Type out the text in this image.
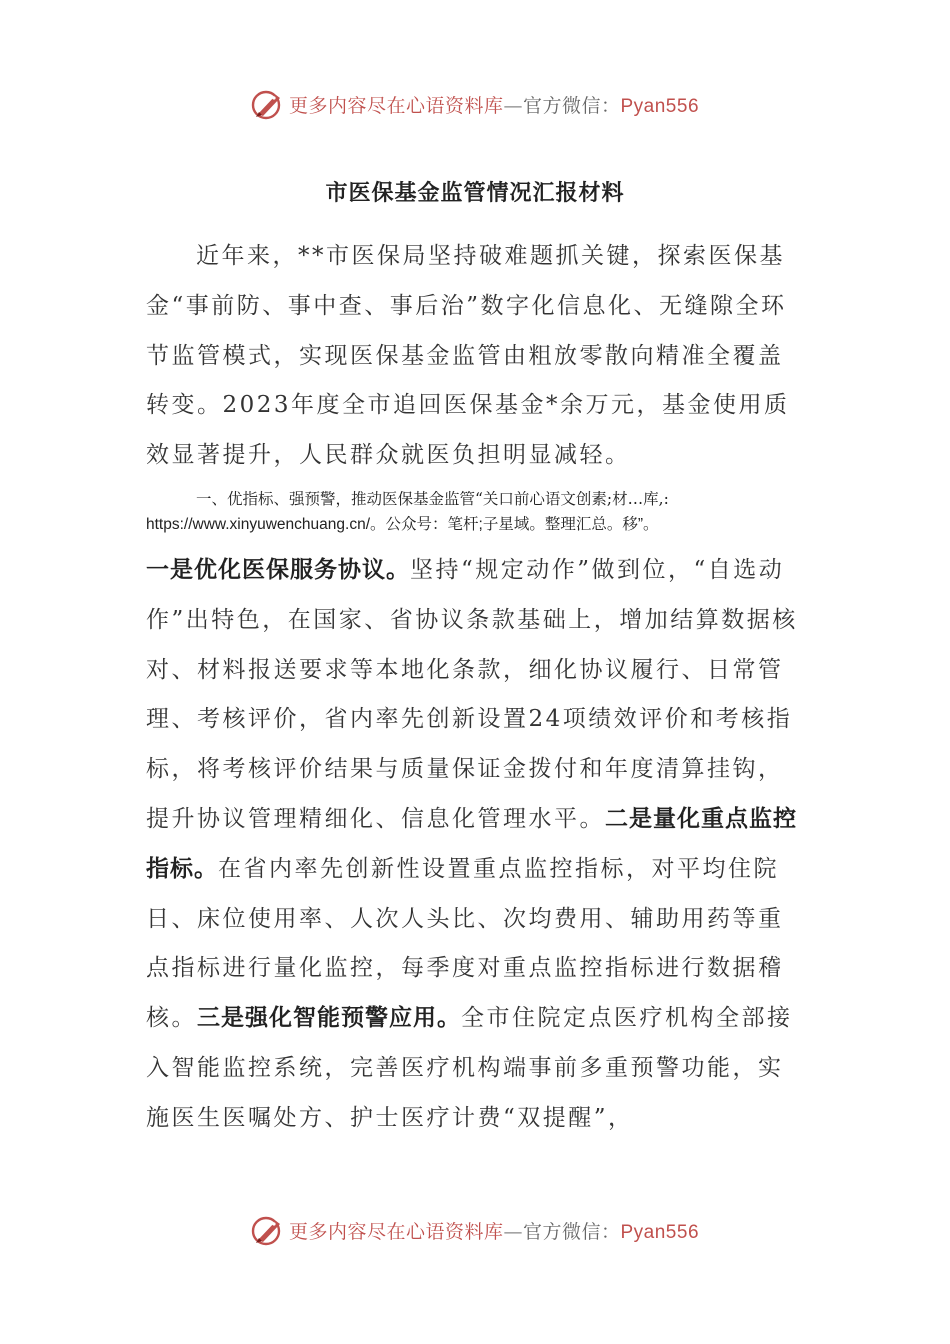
更多内容尽在心语资料库—官方微信：Pyan556
市医保基金监管情况汇报材料
近年来，**市医保局坚持破难题抓关键，探索医保基金“事前防、事中查、事后治”数字化信息化、无缝隙全环节监管模式，实现医保基金监管由粗放零散向精准全覆盖转变。2023年度全市追回医保基金*余万元，基金使用质效显著提升，人民群众就医负担明显减轻。
一、优指标、强预警，推动医保基金监管“关口前心语文创素;材…库,:
https://www.xinyuwenchuang.cn/。公众号：笔杆;子星域。整理汇总。移”。
一是优化医保服务协议。坚持“规定动作”做到位，“自选动作”出特色，在国家、省协议条款基础上，增加结算数据核对、材料报送要求等本地化条款，细化协议履行、日常管理、考核评价，省内率先创新设置24项绩效评价和考核指标，将考核评价结果与质量保证金拨付和年度清算挂钩，提升协议管理精细化、信息化管理水平。二是量化重点监控指标。在省内率先创新性设置重点监控指标，对平均住院日、床位使用率、人次人头比、次均费用、辅助用药等重点指标进行量化监控，每季度对重点监控指标进行数据稽核。三是强化智能预警应用。全市住院定点医疗机构全部接入智能监控系统，完善医疗机构端事前多重预警功能，实施医生医嘱处方、护士医疗计费“双提醒”，
更多内容尽在心语资料库—官方微信：Pyan556
